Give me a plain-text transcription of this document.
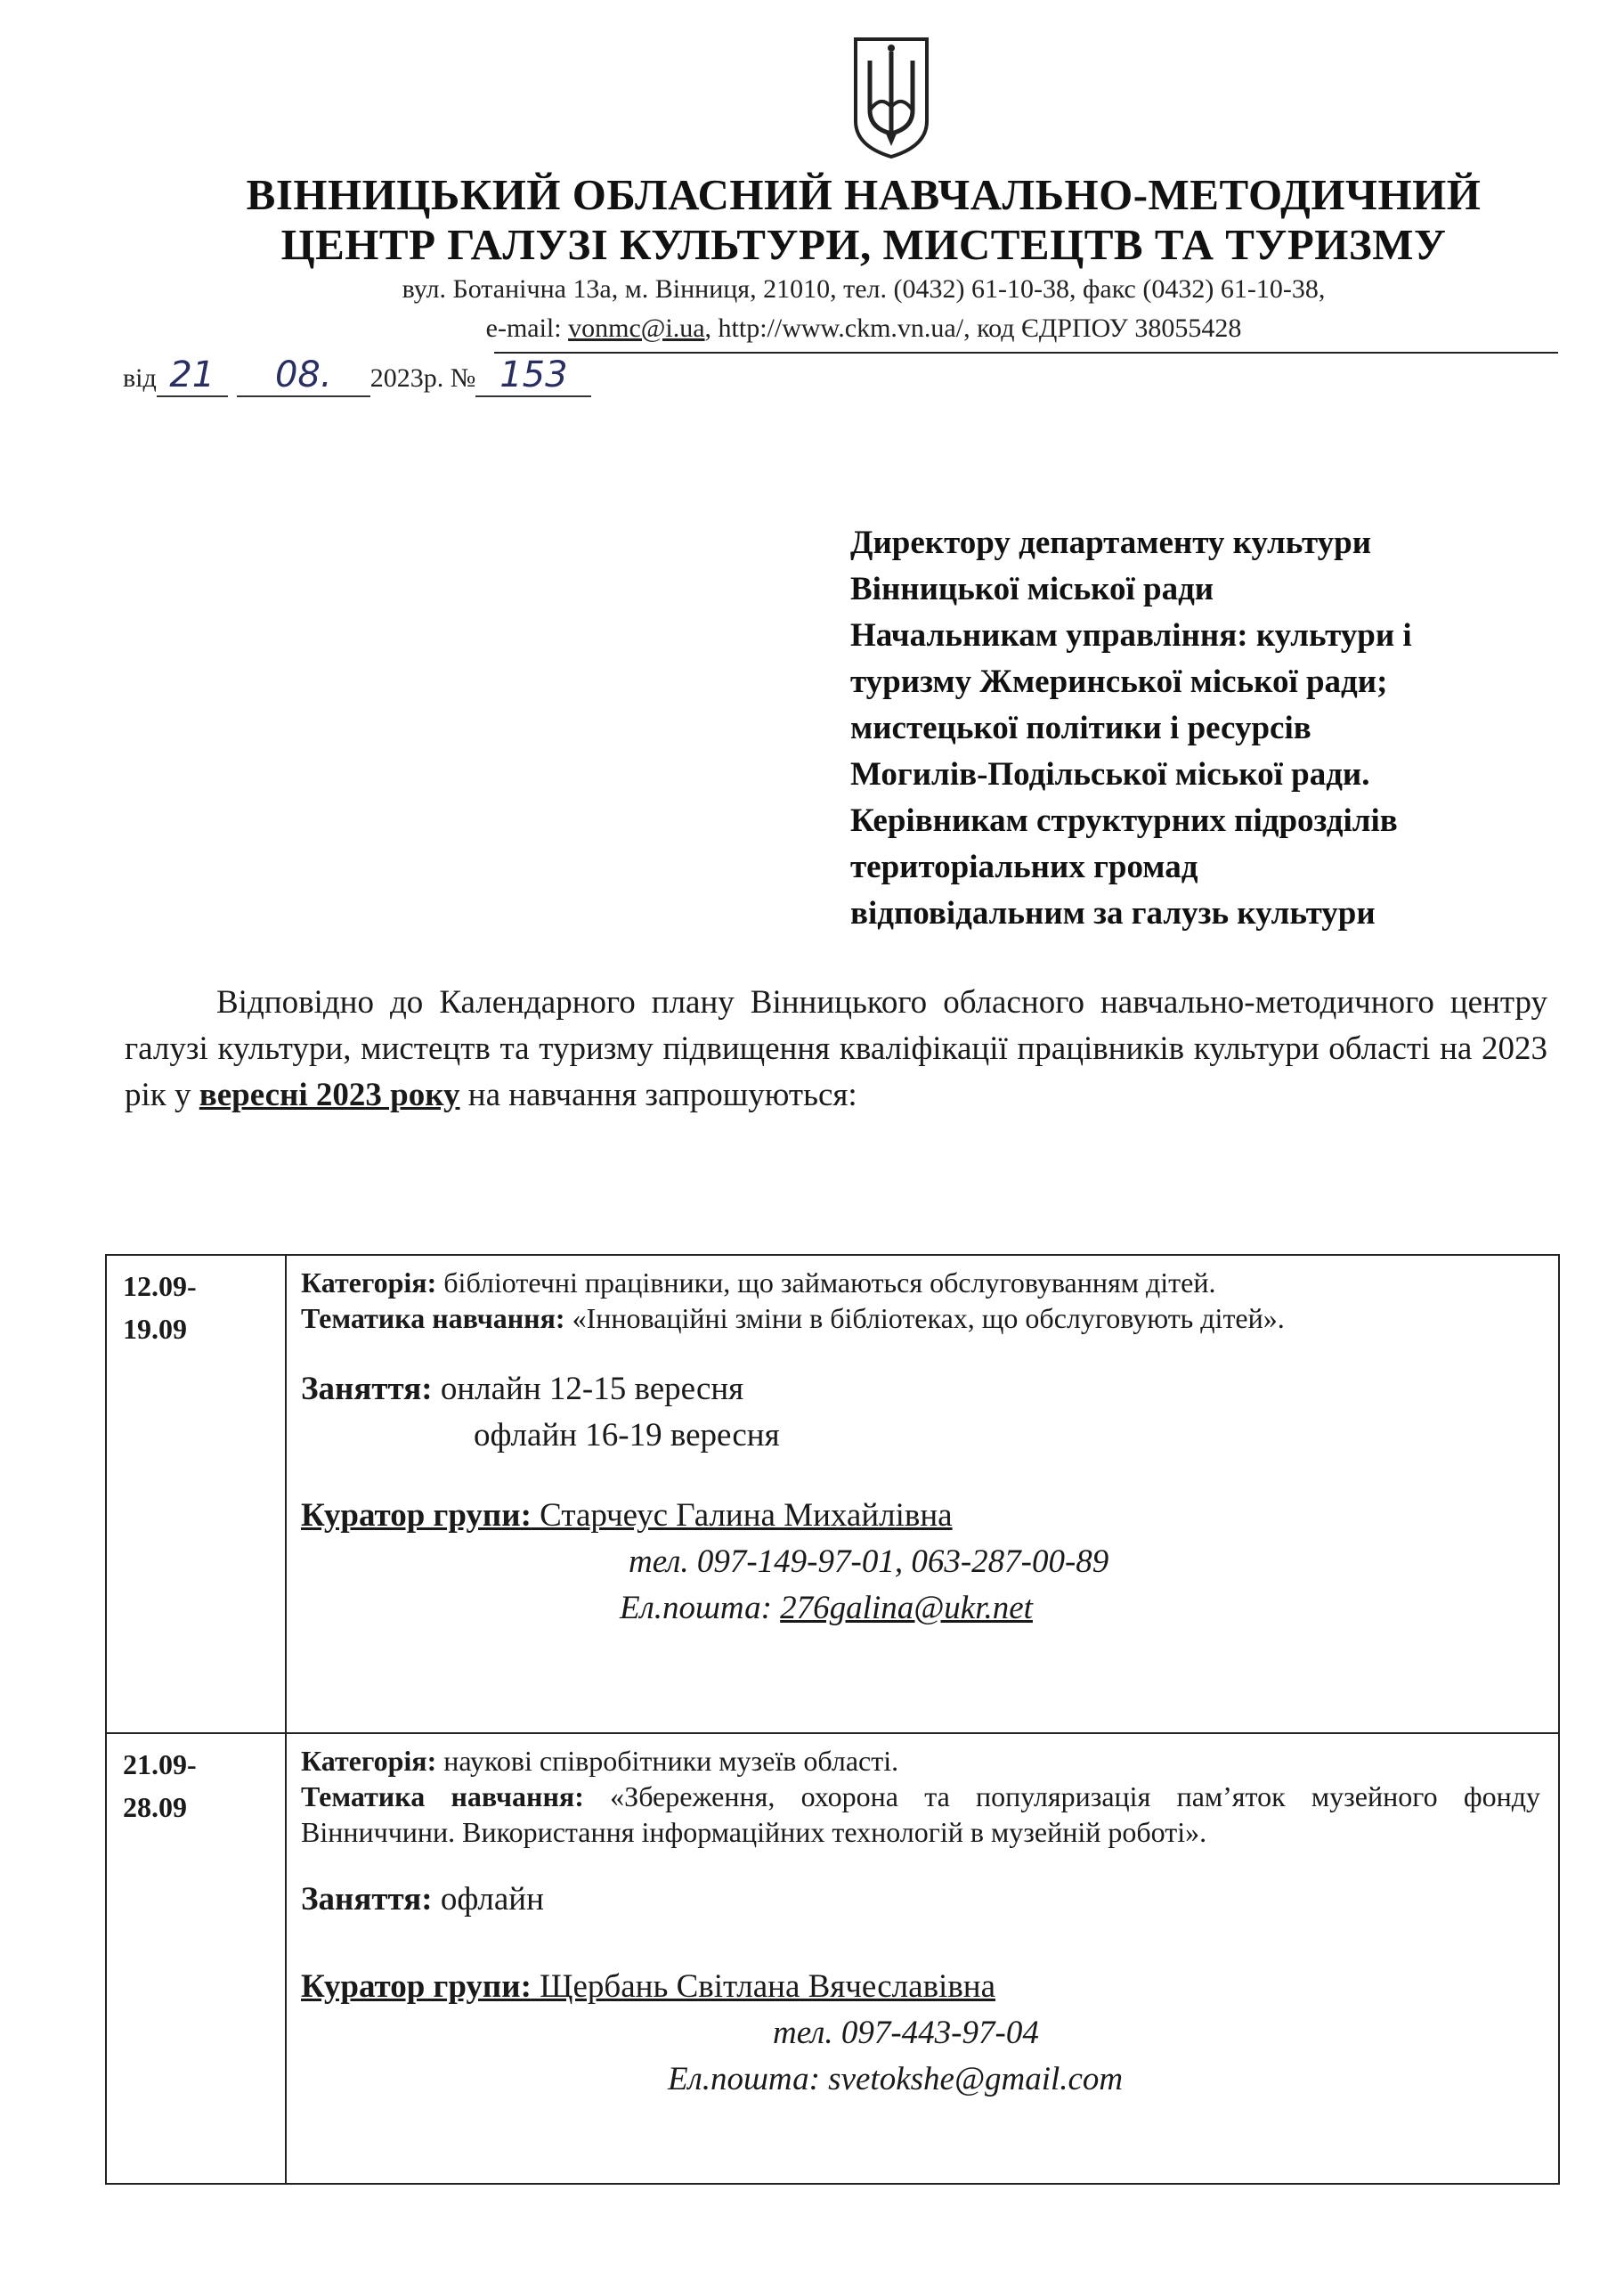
ВІННИЦЬКИЙ ОБЛАСНИЙ НАВЧАЛЬНО-МЕТОДИЧНИЙ
ЦЕНТР ГАЛУЗІ КУЛЬТУРИ, МИСТЕЦТВ ТА ТУРИЗМУ
вул. Ботанічна 13а, м. Вінниця, 21010, тел. (0432) 61-10-38, факс (0432) 61-10-38,
e-mail: vonmc@i.ua, http://www.ckm.vn.ua/, код ЄДРПОУ 38055428
від 21 08. 2023р. № 153
Директору департаменту культури
Вінницької міської ради
Начальникам управління: культури і
туризму Жмеринської міської ради;
мистецької політики і ресурсів
Могилів-Подільської міської ради.
Керівникам структурних підрозділів
територіальних громад
відповідальним за галузь культури
Відповідно до Календарного плану Вінницького обласного навчально-методичного центру галузі культури, мистецтв та туризму підвищення кваліфікації працівників культури області на 2023 рік у вересні 2023 року на навчання запрошуються:
12.09-
19.09
Категорія: бібліотечні працівники, що займаються обслуговуванням дітей.
Тематика навчання: «Інноваційні зміни в бібліотеках, що обслуговують дітей».
Заняття: онлайн 12-15 вересня
офлайн 16-19 вересня
Куратор групи: Старчеус Галина Михайлівна
тел. 097-149-97-01, 063-287-00-89
Ел.пошта: 276galina@ukr.net
21.09-
28.09
Категорія: наукові співробітники музеїв області.
Тематика навчання: «Збереження, охорона та популяризація пам’яток музейного фонду Вінниччини. Використання інформаційних технологій в музейній роботі».
Заняття: офлайн
Куратор групи: Щербань Світлана Вячеславівна
тел. 097-443-97-04
Ел.пошта: svetokshe@gmail.com
